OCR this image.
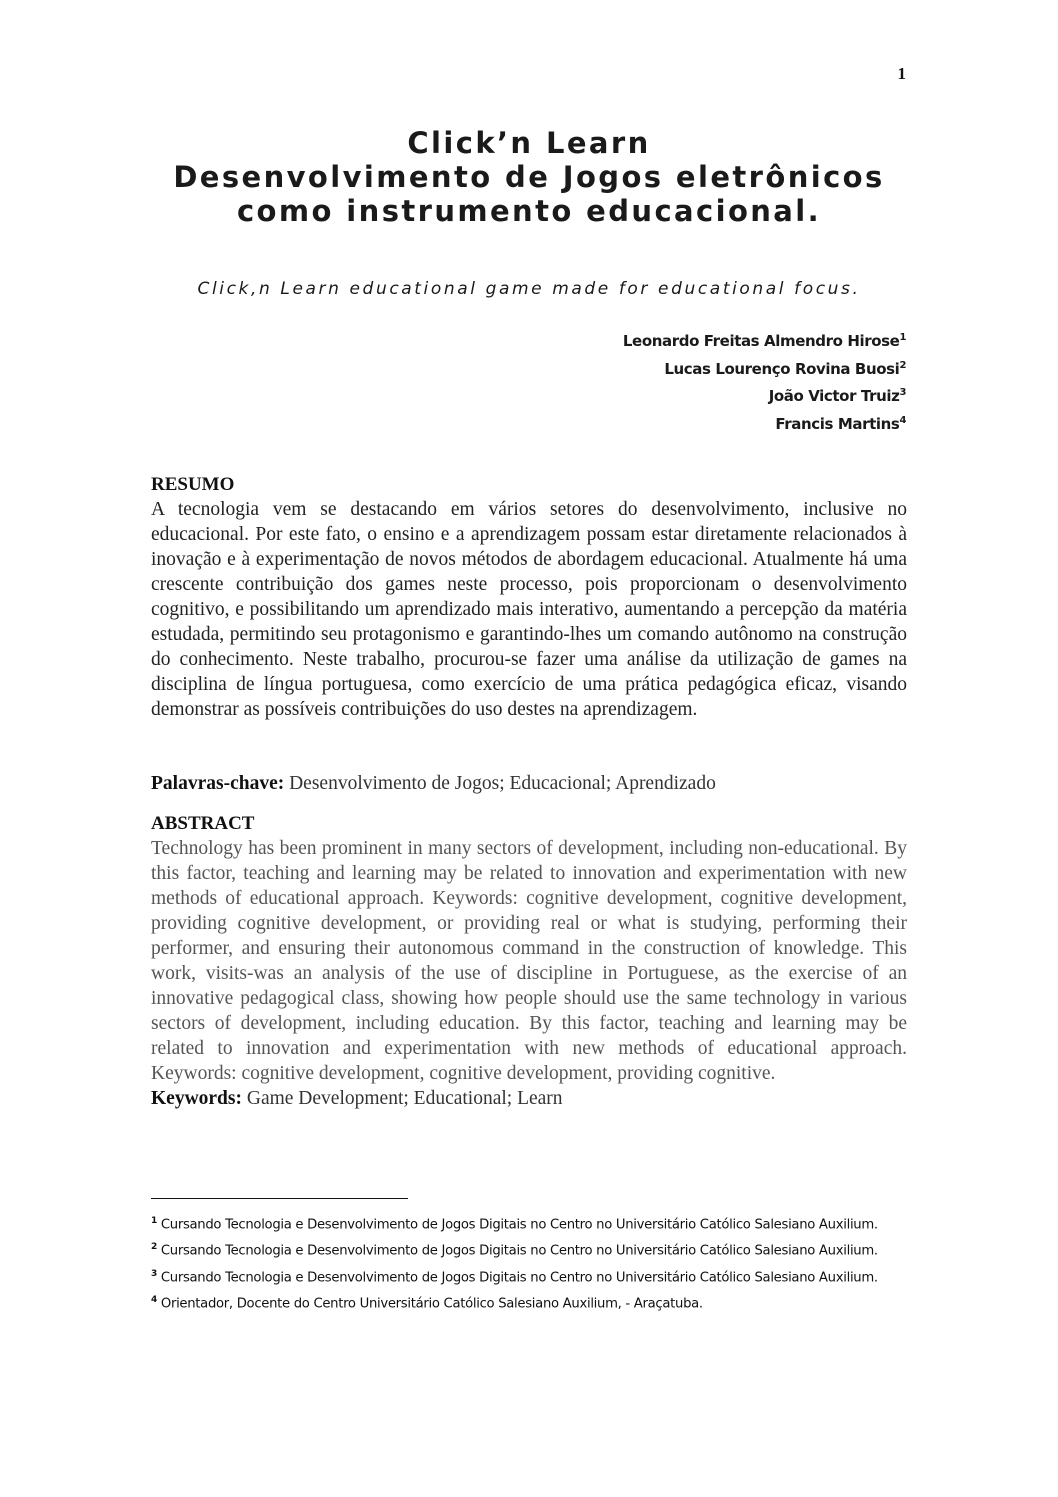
1
Click’n Learn
Desenvolvimento de Jogos eletrônicos
como instrumento educacional.
Click,n Learn educational game made for educational focus.
Leonardo Freitas Almendro Hirose$^1$
Lucas Lourenço Rovina Buosi$^2$
João Victor Truiz$^3$
Francis Martins$^4$
RESUMO
A tecnologia vem se destacando em vários setores do desenvolvimento, inclusive no educacional. Por este fato, o ensino e a aprendizagem possam estar diretamente relacionados à inovação e à experimentação de novos métodos de abordagem educacional. Atualmente há uma crescente contribuição dos games neste processo, pois proporcionam o desenvolvimento cognitivo, e possibilitando um aprendizado mais interativo, aumentando a percepção da matéria estudada, permitindo seu protagonismo e garantindo-lhes um comando autônomo na construção do conhecimento. Neste trabalho, procurou-se fazer uma análise da utilização de games na disciplina de língua portuguesa, como exercício de uma prática pedagógica eficaz, visando demonstrar as possíveis contribuições do uso destes na aprendizagem.
Palavras-chave: Desenvolvimento de Jogos; Educacional; Aprendizado
ABSTRACT
Technology has been prominent in many sectors of development, including non-educational. By this factor, teaching and learning may be related to innovation and experimentation with new methods of educational approach. Keywords: cognitive development, cognitive development, providing cognitive development, or providing real or what is studying, performing their performer, and ensuring their autonomous command in the construction of knowledge. This work, visits-was an analysis of the use of discipline in Portuguese, as the exercise of an innovative pedagogical class, showing how people should use the same technology in various sectors of development, including education. By this factor, teaching and learning may be related to innovation and experimentation with new methods of educational approach. Keywords: cognitive development, cognitive development, providing cognitive.
Keywords: Game Development; Educational; Learn
$^1$ Cursando Tecnologia e Desenvolvimento de Jogos Digitais no Centro no Universitário Católico Salesiano Auxilium.
$^2$ Cursando Tecnologia e Desenvolvimento de Jogos Digitais no Centro no Universitário Católico Salesiano Auxilium.
$^3$ Cursando Tecnologia e Desenvolvimento de Jogos Digitais no Centro no Universitário Católico Salesiano Auxilium.
$^4$ Orientador, Docente do Centro Universitário Católico Salesiano Auxilium, - Araçatuba.
